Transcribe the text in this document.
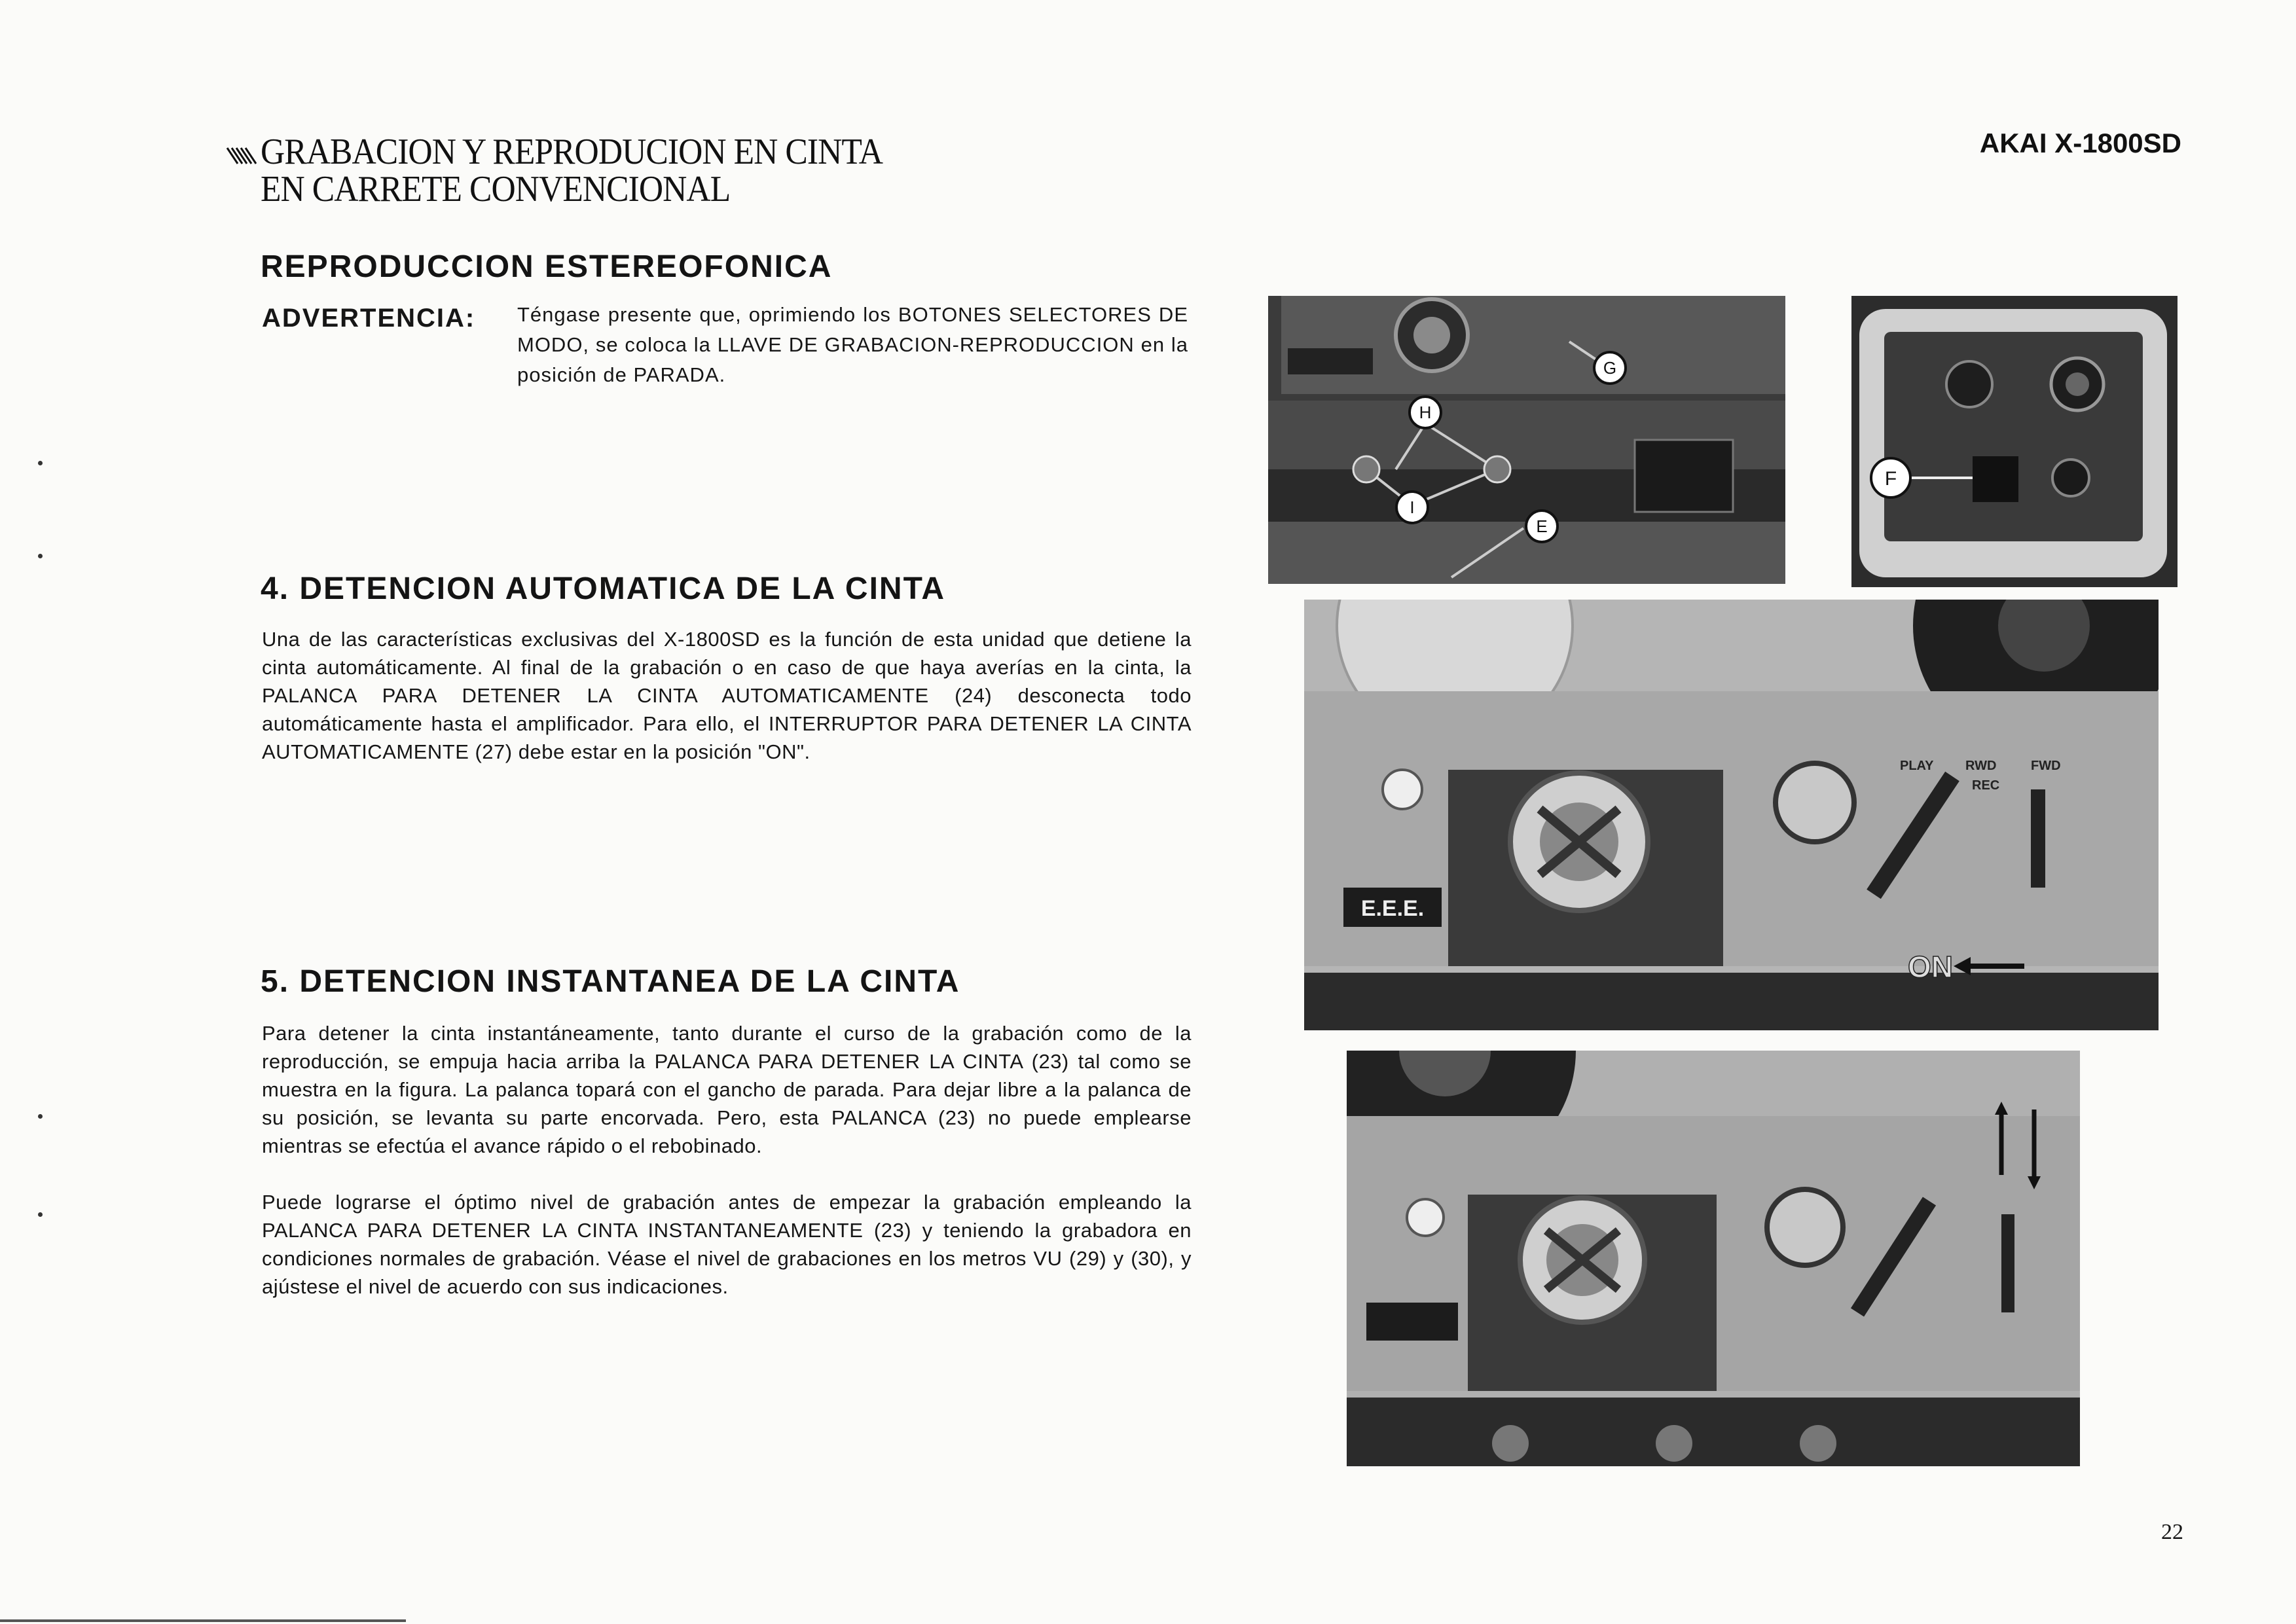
GRABACION Y REPRODUCION EN CINTA
EN CARRETE CONVENCIONAL
AKAI X-1800SD
REPRODUCCION ESTEREOFONICA
ADVERTENCIA: Téngase presente que, oprimiendo los BOTONES SELECTORES DE MODO, se coloca la LLAVE DE GRABACION-REPRODUCCION en la posición de PARADA.
4. DETENCION AUTOMATICA DE LA CINTA
Una de las características exclusivas del X-1800SD es la función de esta unidad que detiene la cinta automáticamente. Al final de la grabación o en caso de que haya averías en la cinta, la PALANCA PARA DETENER LA CINTA AUTOMATICAMENTE (24) desconecta todo automáticamente hasta el amplificador. Para ello, el INTERRUPTOR PARA DETENER LA CINTA AUTOMATICAMENTE (27) debe estar en la posición "ON".
5. DETENCION INSTANTANEA DE LA CINTA
Para detener la cinta instantáneamente, tanto durante el curso de la grabación como de la reproducción, se empuja hacia arriba la PALANCA PARA DETENER LA CINTA (23) tal como se muestra en la figura. La palanca topará con el gancho de parada. Para dejar libre a la palanca de su posición, se levanta su parte encorvada. Pero, esta PALANCA (23) no puede emplearse mientras se efectúa el avance rápido o el rebobinado.
Puede lograrse el óptimo nivel de grabación antes de empezar la grabación empleando la PALANCA PARA DETENER LA CINTA INSTANTANEAMENTE (23) y teniendo la grabadora en condiciones normales de grabación. Véase el nivel de grabaciones en los metros VU (29) y (30), y ajústese el nivel de acuerdo con sus indicaciones.
G
H
I
E
F
E.E.E.
PLAY RWD	FWD
REC
ON
22
